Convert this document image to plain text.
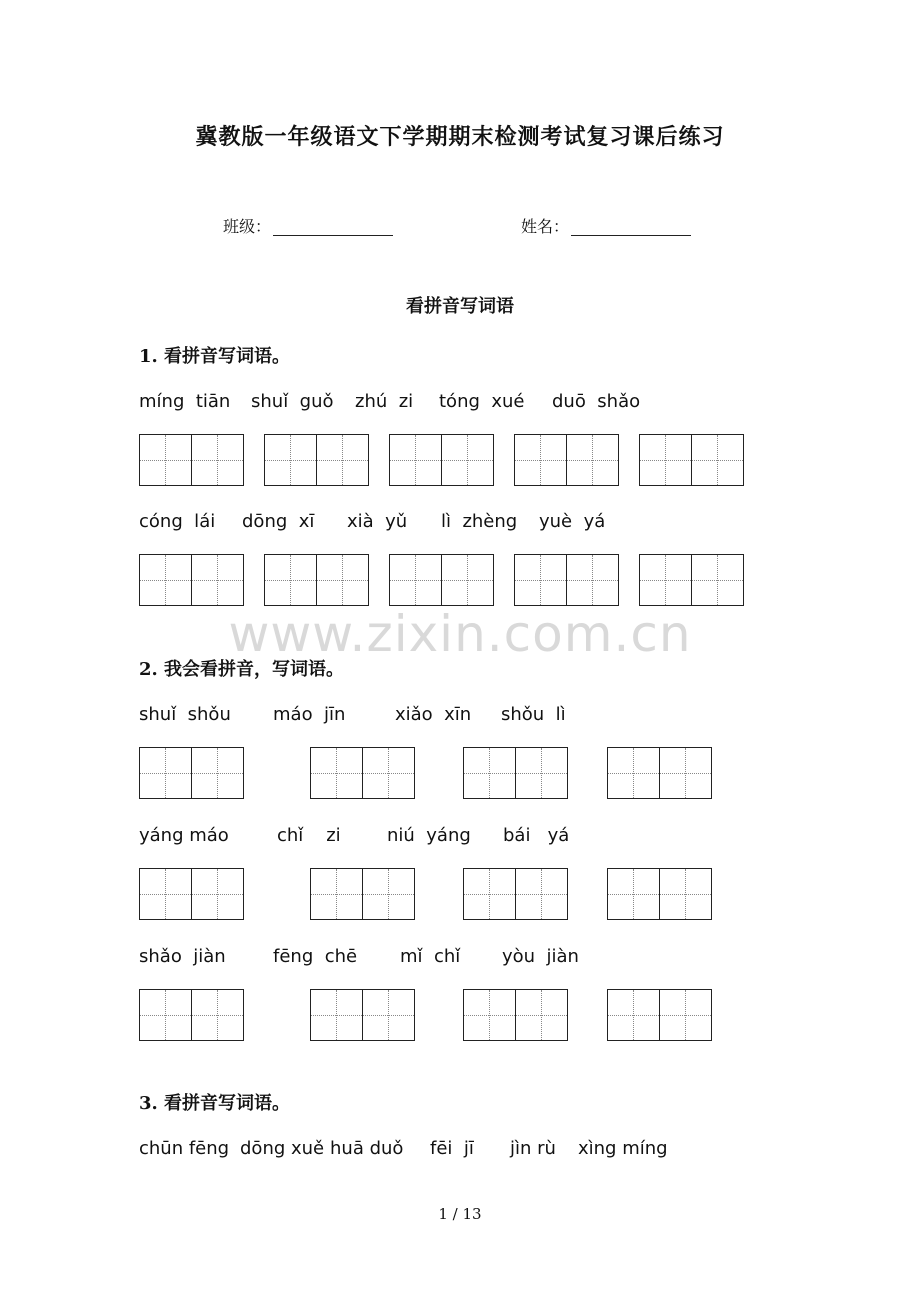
冀教版一年级语文下学期期末检测考试复习课后练习
班级：	姓名：
看拼音写词语
1. 看拼音写词语。
míng  tiān shuǐ  guǒ zhú  zi tóng  xué duō  shǎo
cóng  lái dōng  xī xià  yǔ lì  zhèng yuè  yá
www.zixin.com.cn
2. 我会看拼音，写词语。
shuǐ  shǒu máo  jīn	xiǎo  xīn shǒu  lì
yáng máo	chǐ    zi	niú  yáng bái   yá
shǎo  jiàn	fēng  chē mǐ  chǐ yòu  jiàn
3. 看拼音写词语。
chūn fēng dōng xuě huā duǒ fēi  jī jìn rù xìng míng
1 / 13
